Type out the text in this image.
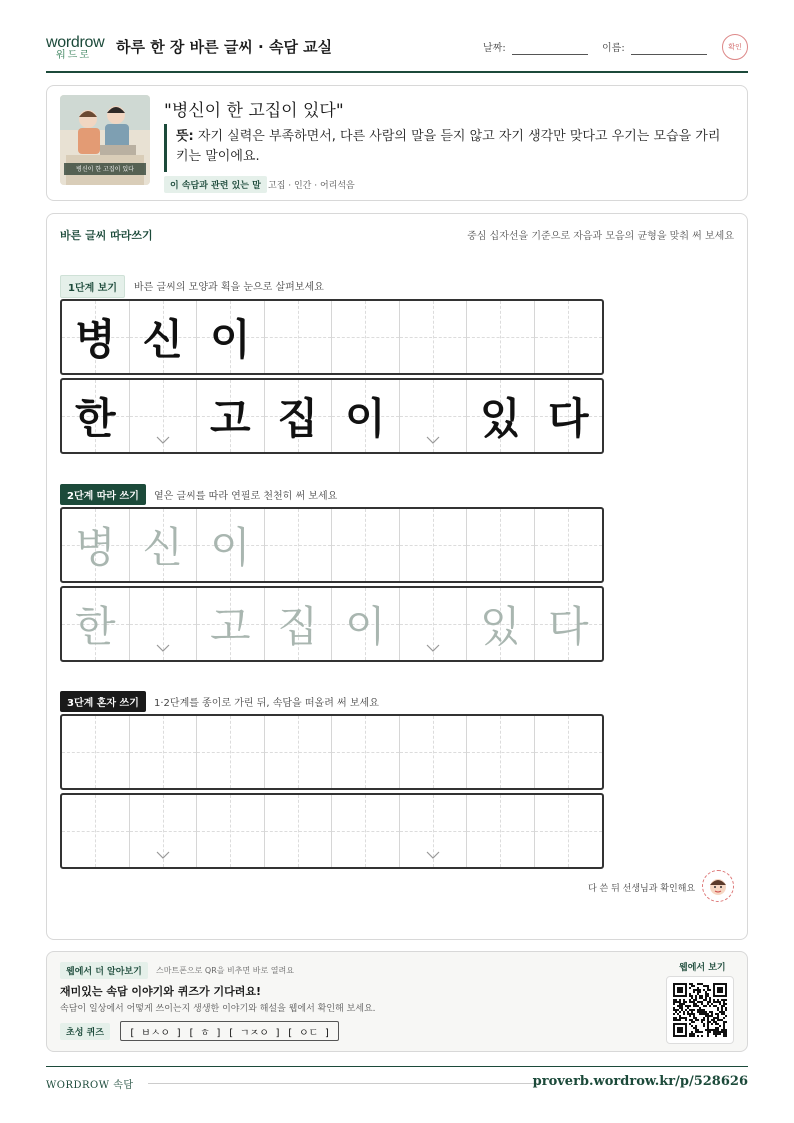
wordrow
워드로 하루 한 장 바른 글씨 · 속담 교실	날짜:	이름:	확인
병신이 한 고집이 있다
"병신이 한 고집이 있다"
뜻: 자기 실력은 부족하면서, 다른 사람의 말을 듣지 않고 자기 생각만 맞다고 우기는 모습을 가리키는 말이에요.
이 속담과 관련 있는 말 고집 · 인간 · 어리석음
바른 글씨 따라쓰기	중심 십자선을 기준으로 자음과 모음의 균형을 맞춰 써 보세요
1단계 보기	바른 글씨의 모양과 획을 눈으로 살펴보세요
병 신 이
한	고 집 이	있 다
2단계 따라 쓰기	옅은 글씨를 따라 연필로 천천히 써 보세요
병 신 이
한	고 집 이	있 다
3단계 혼자 쓰기	1·2단계를 종이로 가린 뒤, 속담을 떠올려 써 보세요
다 쓴 뒤 선생님과 확인해요
웹에서 더 알아보기	스마트폰으로 QR을 비추면 바로 열려요
재미있는 속담 이야기와 퀴즈가 기다려요!
속담이 일상에서 어떻게 쓰이는지 생생한 이야기와 해설을 웹에서 확인해 보세요.
초성 퀴즈	[ ㅂㅅㅇ ] [ ㅎ ] [ ㄱㅈㅇ ] [ ㅇㄷ ]
웹에서 보기
WORDROW 속담	proverb.wordrow.kr/p/528626
